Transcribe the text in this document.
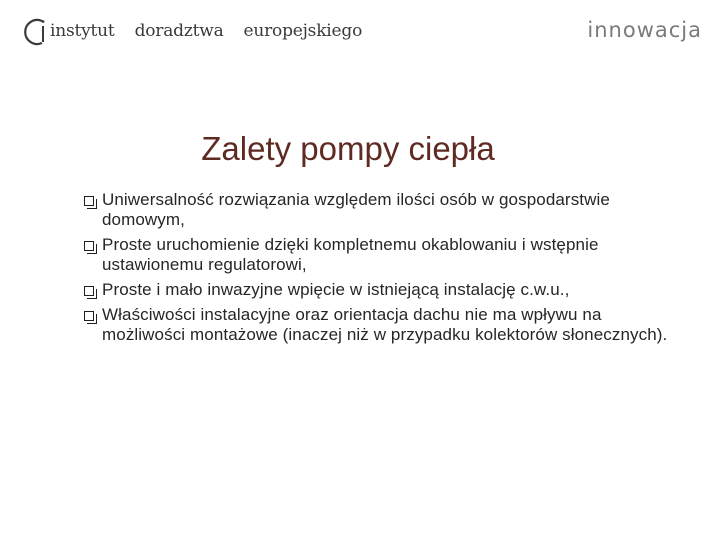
instytut doradztwa europejskiego	innowacja
Zalety pompy ciepła
Uniwersalność rozwiązania względem ilości osób w gospodarstwie domowym,
Proste uruchomienie dzięki kompletnemu okablowaniu i wstępnie ustawionemu regulatorowi,
Proste i mało inwazyjne wpięcie w istniejącą instalację c.w.u.,
Właściwości instalacyjne oraz orientacja dachu nie ma wpływu na możliwości montażowe (inaczej niż w przypadku kolektorów słonecznych).
